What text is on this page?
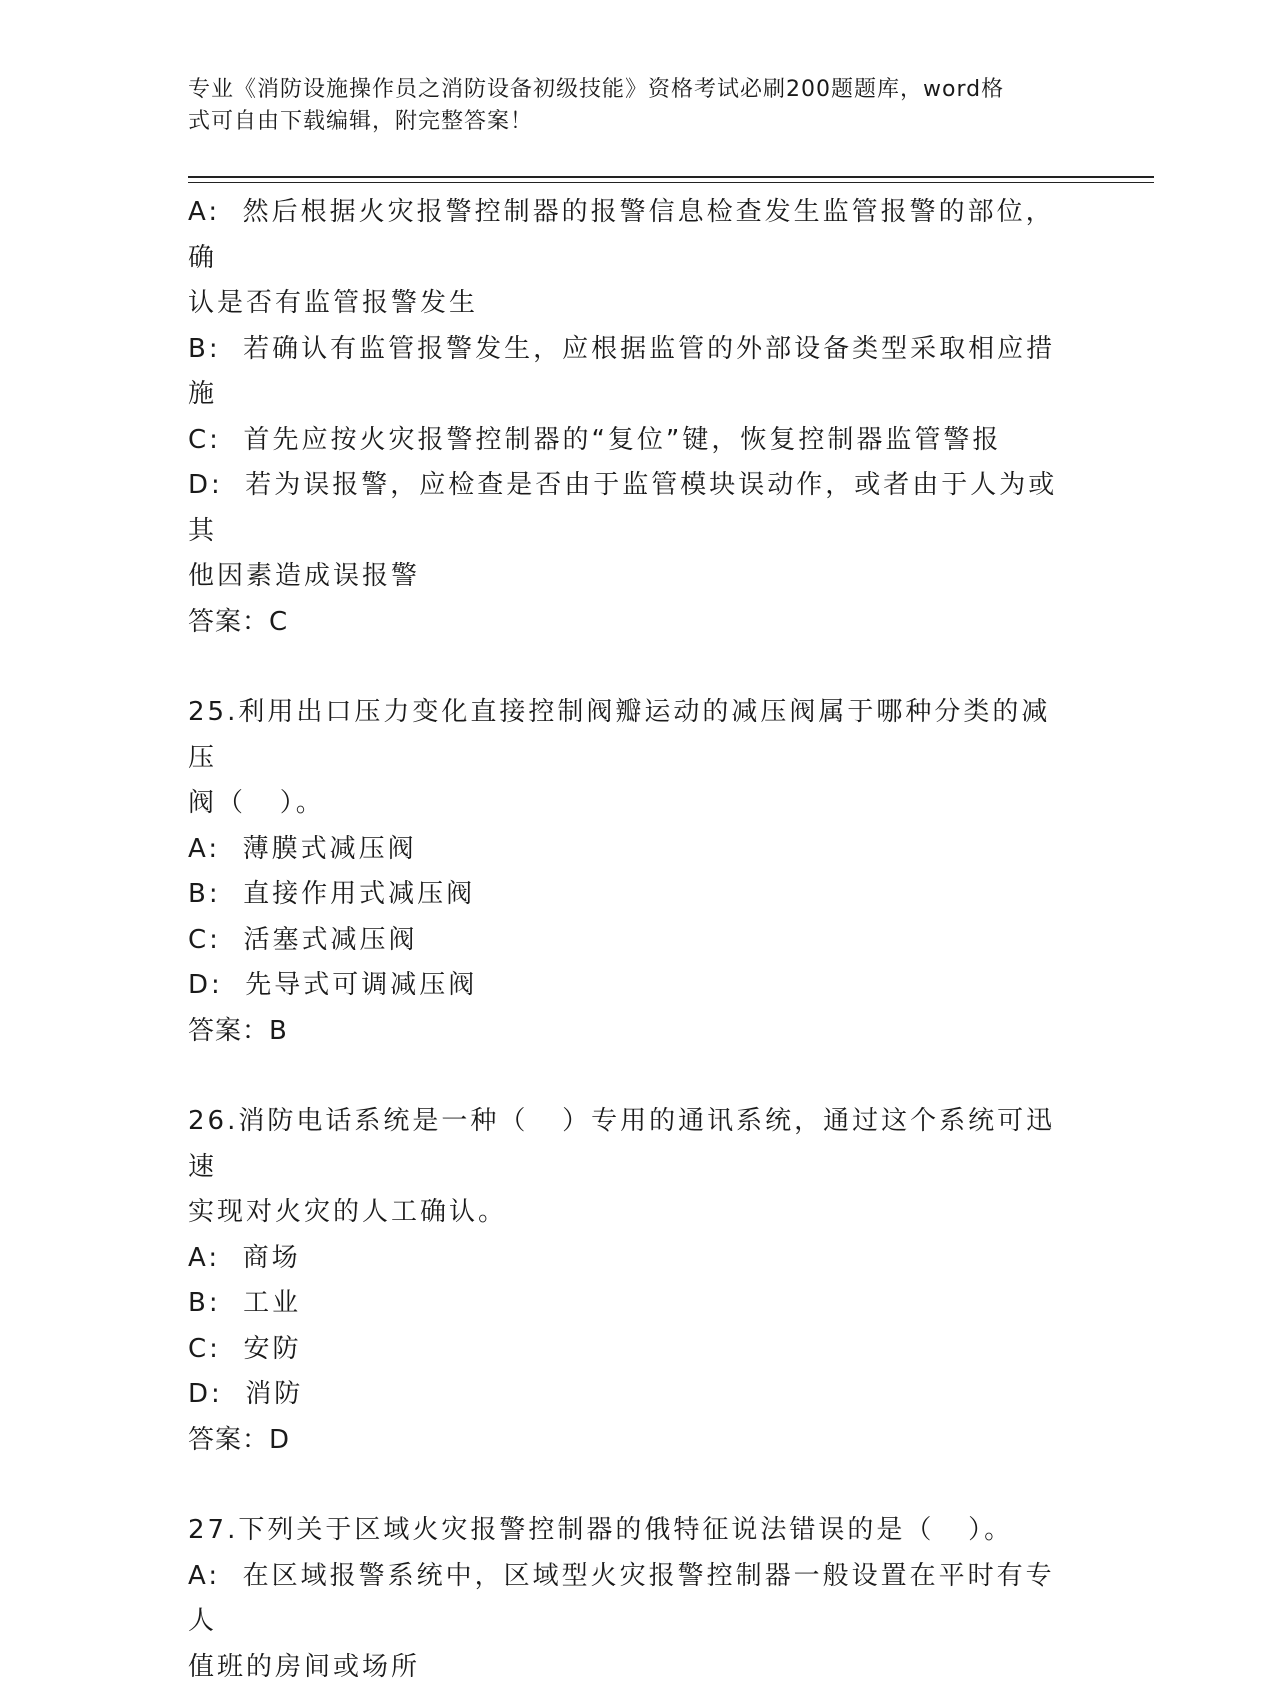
专业《消防设施操作员之消防设备初级技能》资格考试必刷200题题库，word格
式可自由下载编辑，附完整答案！
A:  然后根据火灾报警控制器的报警信息检查发生监管报警的部位，确
认是否有监管报警发生
B:  若确认有监管报警发生，应根据监管的外部设备类型采取相应措施
C:  首先应按火灾报警控制器的“复位”键，恢复控制器监管警报
D:  若为误报警，应检查是否由于监管模块误动作，或者由于人为或其
他因素造成误报警
答案：C
25.利用出口压力变化直接控制阀瓣运动的减压阀属于哪种分类的减压
阀（   ）。
A:  薄膜式减压阀
B:  直接作用式减压阀
C:  活塞式减压阀
D:  先导式可调减压阀
答案：B
26.消防电话系统是一种（   ）专用的通讯系统，通过这个系统可迅速
实现对火灾的人工确认。
A:  商场
B:  工业
C:  安防
D:  消防
答案：D
27.下列关于区域火灾报警控制器的俄特征说法错误的是（   ）。
A:  在区域报警系统中，区域型火灾报警控制器一般设置在平时有专人
值班的房间或场所
